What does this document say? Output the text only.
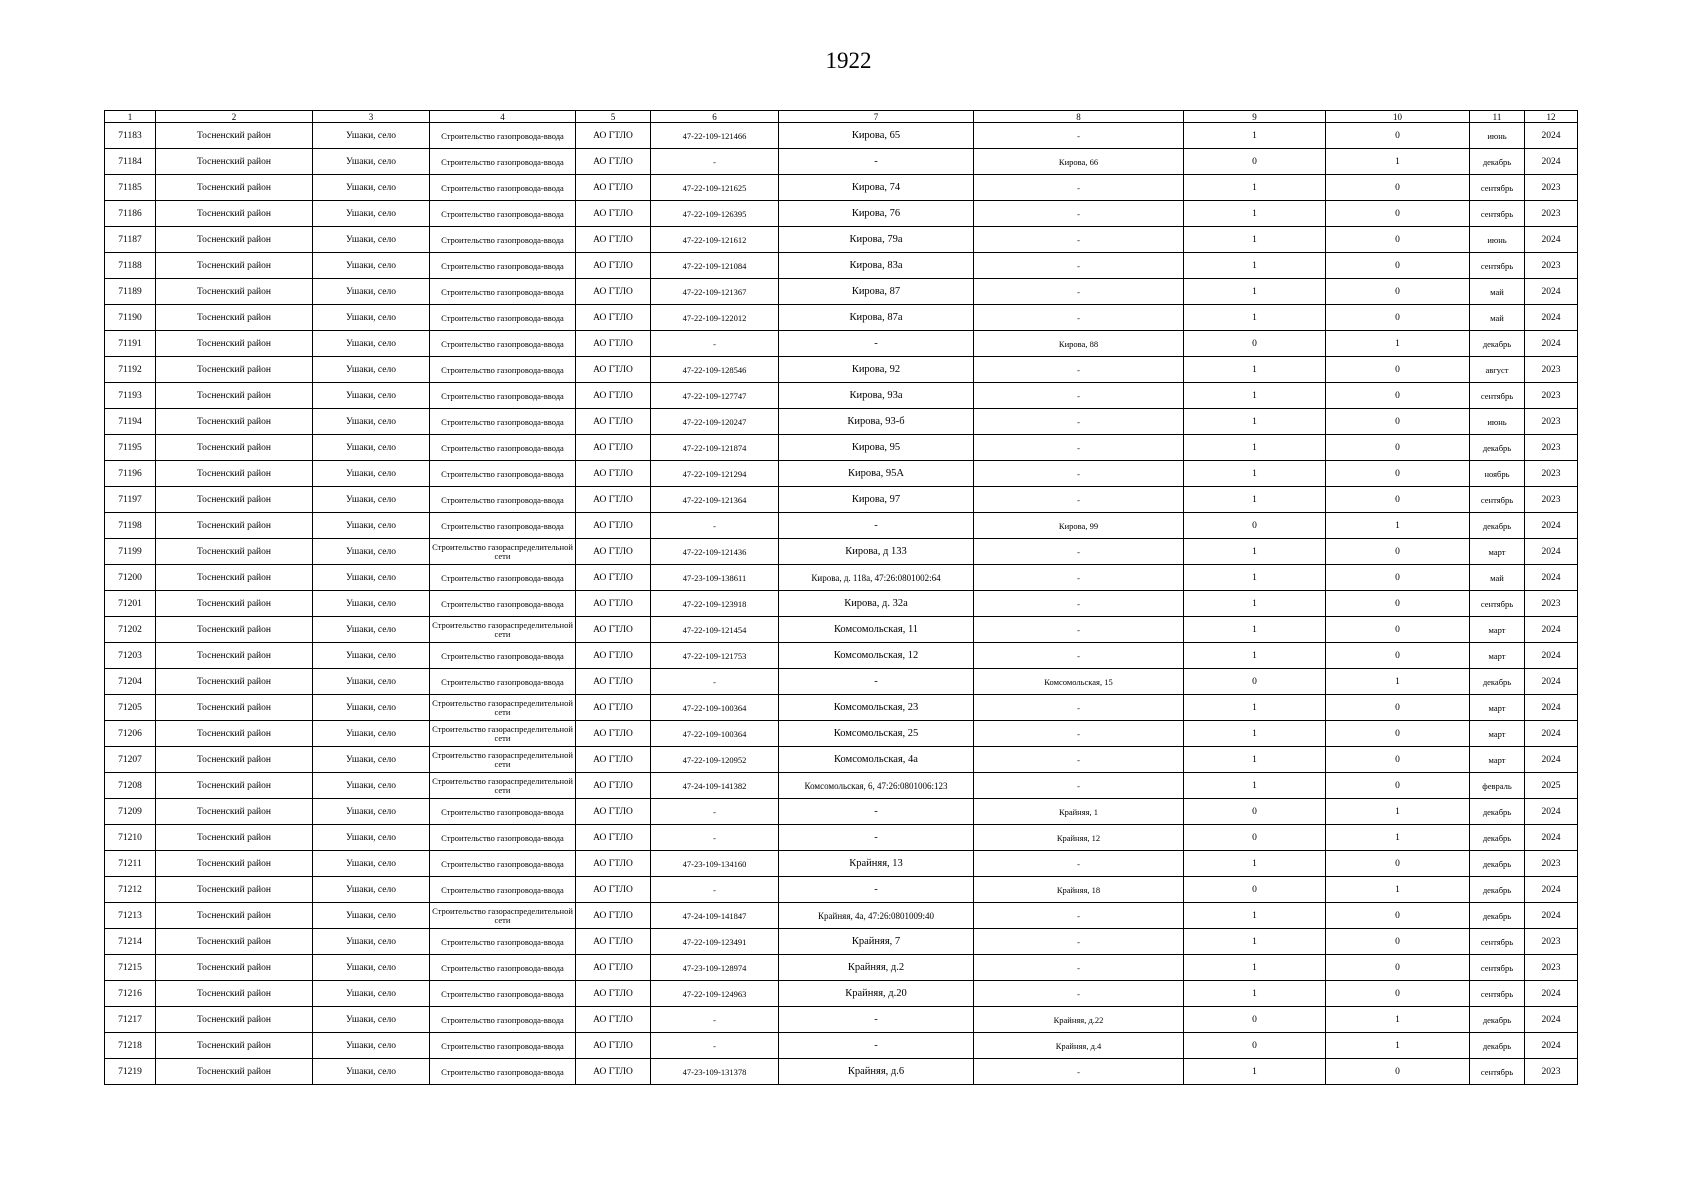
1922
1	2	3	4	5	6	7	8	9	10	11	12
71183	Тосненский район	Ушаки, село	Строительство газопровода-ввода	АО ГТЛО	47-22-109-121466	Кирова, 65	-	1	0	июнь	2024
71184	Тосненский район	Ушаки, село	Строительство газопровода-ввода	АО ГТЛО	-	-	Кирова, 66	0	1	декабрь	2024
71185	Тосненский район	Ушаки, село	Строительство газопровода-ввода	АО ГТЛО	47-22-109-121625	Кирова, 74	-	1	0	сентябрь	2023
71186	Тосненский район	Ушаки, село	Строительство газопровода-ввода	АО ГТЛО	47-22-109-126395	Кирова, 76	-	1	0	сентябрь	2023
71187	Тосненский район	Ушаки, село	Строительство газопровода-ввода	АО ГТЛО	47-22-109-121612	Кирова, 79а	-	1	0	июнь	2024
71188	Тосненский район	Ушаки, село	Строительство газопровода-ввода	АО ГТЛО	47-22-109-121084	Кирова, 83а	-	1	0	сентябрь	2023
71189	Тосненский район	Ушаки, село	Строительство газопровода-ввода	АО ГТЛО	47-22-109-121367	Кирова, 87	-	1	0	май	2024
71190	Тосненский район	Ушаки, село	Строительство газопровода-ввода	АО ГТЛО	47-22-109-122012	Кирова, 87а	-	1	0	май	2024
71191	Тосненский район	Ушаки, село	Строительство газопровода-ввода	АО ГТЛО	-	-	Кирова, 88	0	1	декабрь	2024
71192	Тосненский район	Ушаки, село	Строительство газопровода-ввода	АО ГТЛО	47-22-109-128546	Кирова, 92	-	1	0	август	2023
71193	Тосненский район	Ушаки, село	Строительство газопровода-ввода	АО ГТЛО	47-22-109-127747	Кирова, 93а	-	1	0	сентябрь	2023
71194	Тосненский район	Ушаки, село	Строительство газопровода-ввода	АО ГТЛО	47-22-109-120247	Кирова, 93-б	-	1	0	июнь	2023
71195	Тосненский район	Ушаки, село	Строительство газопровода-ввода	АО ГТЛО	47-22-109-121874	Кирова, 95	-	1	0	декабрь	2023
71196	Тосненский район	Ушаки, село	Строительство газопровода-ввода	АО ГТЛО	47-22-109-121294	Кирова, 95А	-	1	0	ноябрь	2023
71197	Тосненский район	Ушаки, село	Строительство газопровода-ввода	АО ГТЛО	47-22-109-121364	Кирова, 97	-	1	0	сентябрь	2023
71198	Тосненский район	Ушаки, село	Строительство газопровода-ввода	АО ГТЛО	-	-	Кирова, 99	0	1	декабрь	2024
71199	Тосненский район	Ушаки, село	Строительство газораспределительной сети	АО ГТЛО	47-22-109-121436	Кирова, д 133	-	1	0	март	2024
71200	Тосненский район	Ушаки, село	Строительство газопровода-ввода	АО ГТЛО	47-23-109-138611	Кирова, д. 118а, 47:26:0801002:64	-	1	0	май	2024
71201	Тосненский район	Ушаки, село	Строительство газопровода-ввода	АО ГТЛО	47-22-109-123918	Кирова, д. 32а	-	1	0	сентябрь	2023
71202	Тосненский район	Ушаки, село	Строительство газораспределительной сети	АО ГТЛО	47-22-109-121454	Комсомольская, 11	-	1	0	март	2024
71203	Тосненский район	Ушаки, село	Строительство газопровода-ввода	АО ГТЛО	47-22-109-121753	Комсомольская, 12	-	1	0	март	2024
71204	Тосненский район	Ушаки, село	Строительство газопровода-ввода	АО ГТЛО	-	-	Комсомольская, 15	0	1	декабрь	2024
71205	Тосненский район	Ушаки, село	Строительство газораспределительной сети	АО ГТЛО	47-22-109-100364	Комсомольская, 23	-	1	0	март	2024
71206	Тосненский район	Ушаки, село	Строительство газораспределительной сети	АО ГТЛО	47-22-109-100364	Комсомольская, 25	-	1	0	март	2024
71207	Тосненский район	Ушаки, село	Строительство газораспределительной сети	АО ГТЛО	47-22-109-120952	Комсомольская, 4а	-	1	0	март	2024
71208	Тосненский район	Ушаки, село	Строительство газораспределительной сети	АО ГТЛО	47-24-109-141382	Комсомольская, 6, 47:26:0801006:123	-	1	0	февраль	2025
71209	Тосненский район	Ушаки, село	Строительство газопровода-ввода	АО ГТЛО	-	-	Крайняя, 1	0	1	декабрь	2024
71210	Тосненский район	Ушаки, село	Строительство газопровода-ввода	АО ГТЛО	-	-	Крайняя, 12	0	1	декабрь	2024
71211	Тосненский район	Ушаки, село	Строительство газопровода-ввода	АО ГТЛО	47-23-109-134160	Крайняя, 13	-	1	0	декабрь	2023
71212	Тосненский район	Ушаки, село	Строительство газопровода-ввода	АО ГТЛО	-	-	Крайняя, 18	0	1	декабрь	2024
71213	Тосненский район	Ушаки, село	Строительство газораспределительной сети	АО ГТЛО	47-24-109-141847	Крайняя, 4а, 47:26:0801009:40	-	1	0	декабрь	2024
71214	Тосненский район	Ушаки, село	Строительство газопровода-ввода	АО ГТЛО	47-22-109-123491	Крайняя, 7	-	1	0	сентябрь	2023
71215	Тосненский район	Ушаки, село	Строительство газопровода-ввода	АО ГТЛО	47-23-109-128974	Крайняя, д.2	-	1	0	сентябрь	2023
71216	Тосненский район	Ушаки, село	Строительство газопровода-ввода	АО ГТЛО	47-22-109-124963	Крайняя, д.20	-	1	0	сентябрь	2024
71217	Тосненский район	Ушаки, село	Строительство газопровода-ввода	АО ГТЛО	-	-	Крайняя, д.22	0	1	декабрь	2024
71218	Тосненский район	Ушаки, село	Строительство газопровода-ввода	АО ГТЛО	-	-	Крайняя, д.4	0	1	декабрь	2024
71219	Тосненский район	Ушаки, село	Строительство газопровода-ввода	АО ГТЛО	47-23-109-131378	Крайняя, д.6	-	1	0	сентябрь	2023
